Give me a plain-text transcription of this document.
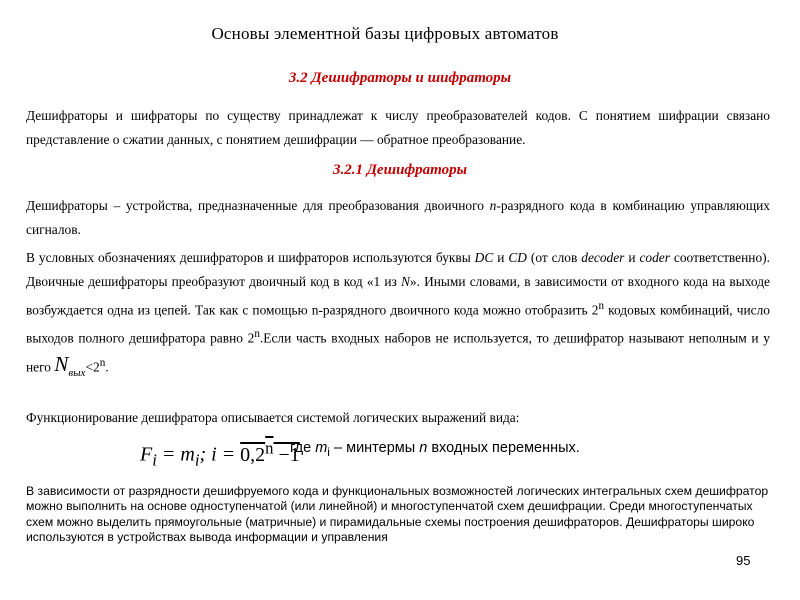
Основы элементной базы цифровых автоматов
3.2 Дешифраторы и шифраторы
Дешифраторы и шифраторы по существу принадлежат к числу преобразователей кодов. С понятием шифрации связано представление о сжатии данных, с понятием дешифрации — обратное преобразование.
3.2.1 Дешифраторы
Дешифраторы – устройства, предназначенные для преобразования двоичного n-разрядного кода в комбинацию управляющих сигналов.
В условных обозначениях дешифраторов и шифраторов используются буквы DC и CD (от слов decoder и coder соответственно). Двоичные дешифраторы преобразуют двоичный код в код «1 из N». Иными словами, в зависимости от входного кода на выходе возбуждается одна из цепей. Так как с помощью n-разрядного двоичного кода можно отобразить 2$^n$ кодовых комбинаций, число выходов полного дешифратора равно 2$^n$.Если часть входных наборов не используется, то дешифратор называют неполным и у него $N_{вых}<2^n$.
Функционирование дешифратора описывается системой логических выражений вида:
$F_i = m_i$; $i = 0,2^n -1$
где $m_i$ – минтермы n входных переменных.
В зависимости от разрядности дешифруемого кода и функциональных возможностей логических интегральных схем дешифратор можно выполнить на основе одноступенчатой (или линейной) и многоступенчатой схем дешифрации. Среди многоступенчатых схем можно выделить прямоугольные (матричные) и пирамидальные схемы построения дешифраторов. Дешифраторы широко используются в устройствах вывода информации и управления
95
